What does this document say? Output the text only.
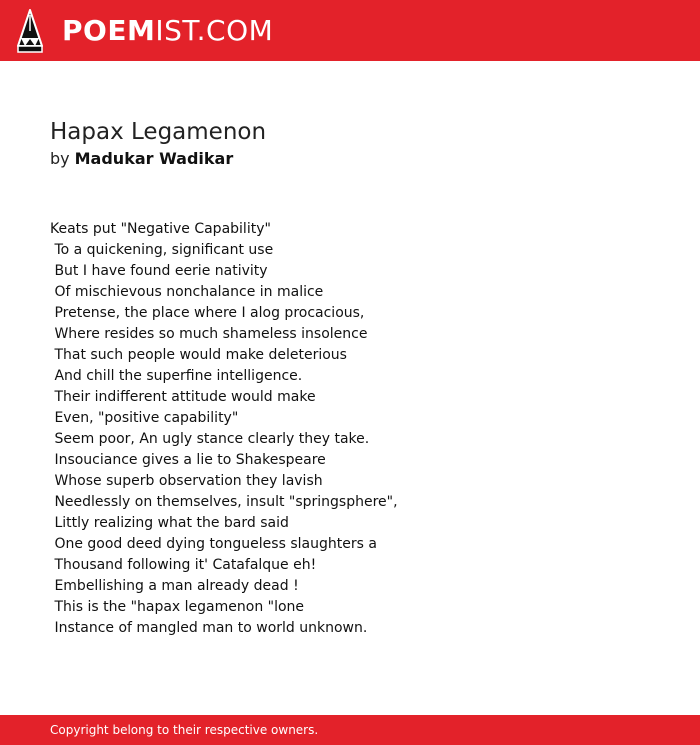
POEMIST.COM
Hapax Legamenon
by Madukar Wadikar
Keats put "Negative Capability"
To a quickening, significant use
But I have found eerie nativity
Of mischievous nonchalance in malice
Pretense, the place where I alog procacious,
Where resides so much shameless insolence
That such people would make deleterious
And chill the superfine intelligence.
Their indifferent attitude would make
Even, "positive capability"
Seem poor, An ugly stance clearly they take.
Insouciance gives a lie to Shakespeare
Whose superb observation they lavish
Needlessly on themselves, insult "springsphere",
Littly realizing what the bard said
One good deed dying tongueless slaughters a
Thousand following it' Catafalque eh!
Embellishing a man already dead !
This is the "hapax legamenon "lone
Instance of mangled man to world unknown.
Copyright belong to their respective owners.
